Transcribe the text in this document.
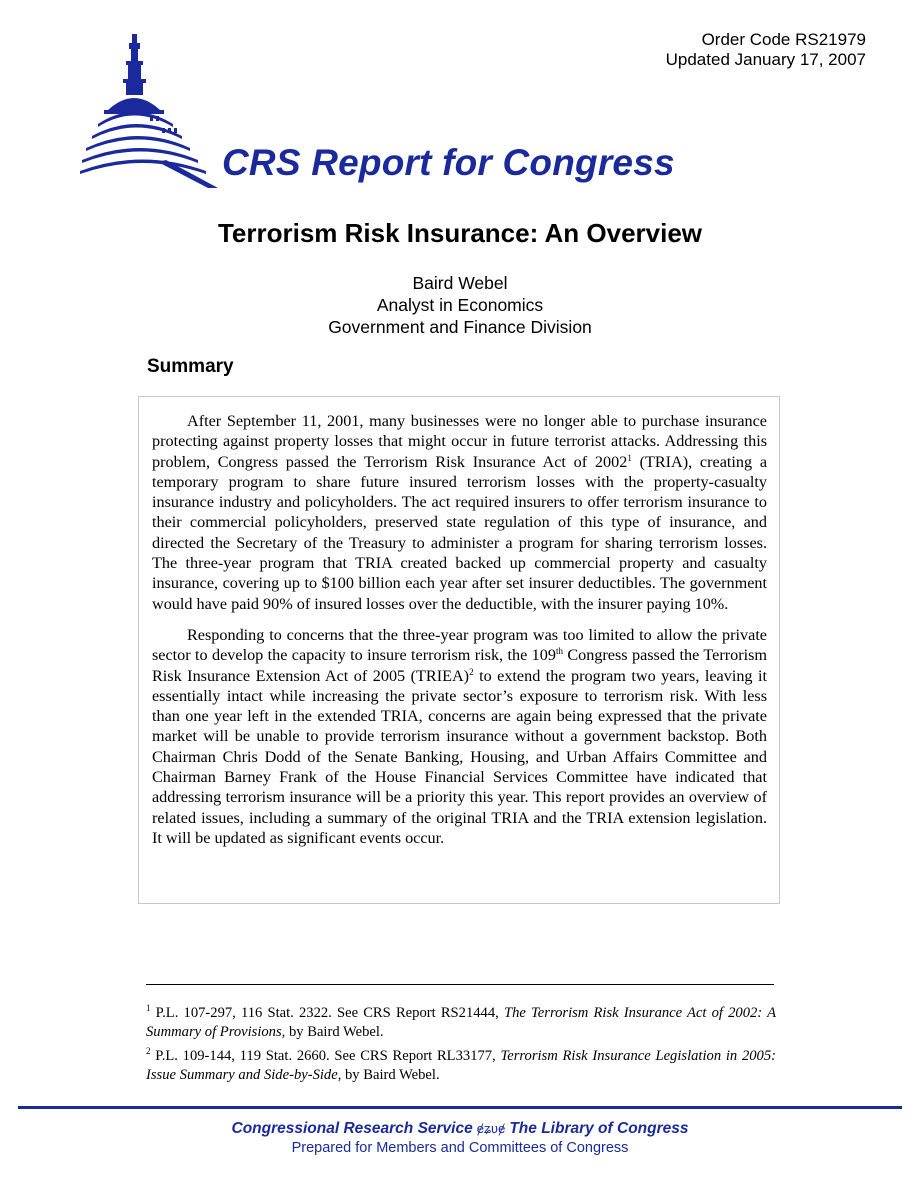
Order Code RS21979
Updated January 17, 2007
CRS Report for Congress
Terrorism Risk Insurance: An Overview
Baird Webel
Analyst in Economics
Government and Finance Division
Summary

After September 11, 2001, many businesses were no longer able to purchase insurance protecting against property losses that might occur in future terrorist attacks. Addressing this problem, Congress passed the Terrorism Risk Insurance Act of 2002$^1$ (TRIA), creating a temporary program to share future insured terrorism losses with the property-casualty insurance industry and policyholders. The act required insurers to offer terrorism insurance to their commercial policyholders, preserved state regulation of this type of insurance, and directed the Secretary of the Treasury to administer a program for sharing terrorism losses. The three-year program that TRIA created backed up commercial property and casualty insurance, covering up to $100 billion each year after set insurer deductibles. The government would have paid 90% of insured losses over the deductible, with the insurer paying 10%.

Responding to concerns that the three-year program was too limited to allow the private sector to develop the capacity to insure terrorism risk, the 109th Congress passed the Terrorism Risk Insurance Extension Act of 2005 (TRIEA)$^2$ to extend the program two years, leaving it essentially intact while increasing the private sector’s exposure to terrorism risk. With less than one year left in the extended TRIA, concerns are again being expressed that the private market will be unable to provide terrorism insurance without a government backstop. Both Chairman Chris Dodd of the Senate Banking, Housing, and Urban Affairs Committee and Chairman Barney Frank of the House Financial Services Committee have indicated that addressing terrorism insurance will be a priority this year. This report provides an overview of related issues, including a summary of the original TRIA and the TRIA extension legislation. It will be updated as significant events occur.

$^1$ P.L. 107-297, 116 Stat. 2322. See CRS Report RS21444, The Terrorism Risk Insurance Act of 2002: A Summary of Provisions, by Baird Webel.

$^2$ P.L. 109-144, 119 Stat. 2660. See CRS Report RL33177, Terrorism Risk Insurance Legislation in 2005: Issue Summary and Side-by-Side, by Baird Webel.

Congressional Research Service ɇʑʋɇ The Library of Congress
Prepared for Members and Committees of Congress
